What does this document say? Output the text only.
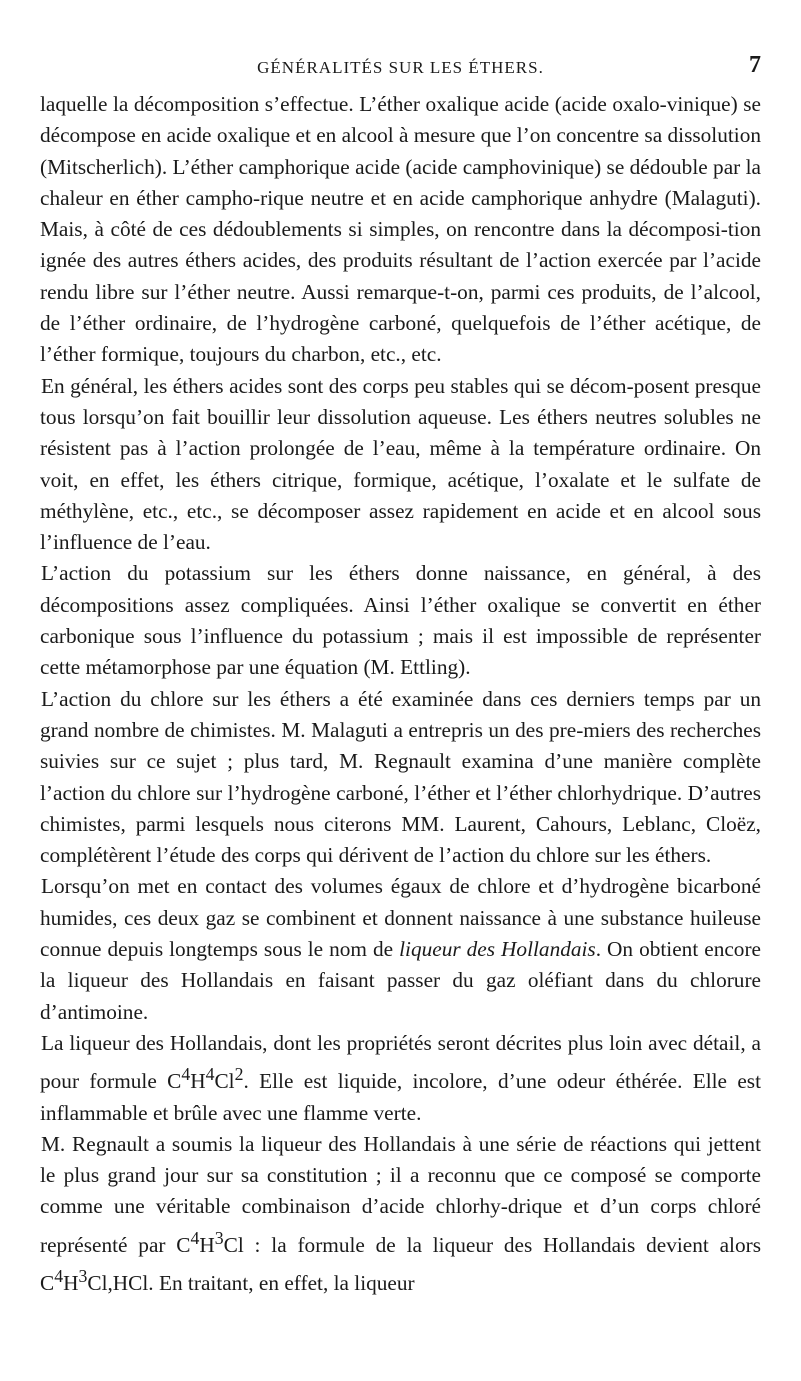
GÉNÉRALITÉS SUR LES ÉTHERS.	7

laquelle la décomposition s’effectue. L’éther oxalique acide (acide oxalo-vinique) se décompose en acide oxalique et en alcool à mesure que l’on concentre sa dissolution (Mitscherlich). L’éther camphorique acide (acide camphovinique) se dédouble par la chaleur en éther campho-rique neutre et en acide camphorique anhydre (Malaguti). Mais, à côté de ces dédoublements si simples, on rencontre dans la décomposi-tion ignée des autres éthers acides, des produits résultant de l’action exercée par l’acide rendu libre sur l’éther neutre. Aussi remarque-t-on, parmi ces produits, de l’alcool, de l’éther ordinaire, de l’hydrogène carboné, quelquefois de l’éther acétique, de l’éther formique, toujours du charbon, etc., etc.

En général, les éthers acides sont des corps peu stables qui se décom-posent presque tous lorsqu’on fait bouillir leur dissolution aqueuse. Les éthers neutres solubles ne résistent pas à l’action prolongée de l’eau, même à la température ordinaire. On voit, en effet, les éthers citrique, formique, acétique, l’oxalate et le sulfate de méthylène, etc., etc., se décomposer assez rapidement en acide et en alcool sous l’influence de l’eau.

L’action du potassium sur les éthers donne naissance, en général, à des décompositions assez compliquées. Ainsi l’éther oxalique se convertit en éther carbonique sous l’influence du potassium ; mais il est impossible de représenter cette métamorphose par une équation (M. Ettling).

L’action du chlore sur les éthers a été examinée dans ces derniers temps par un grand nombre de chimistes. M. Malaguti a entrepris un des pre-miers des recherches suivies sur ce sujet ; plus tard, M. Regnault examina d’une manière complète l’action du chlore sur l’hydrogène carboné, l’éther et l’éther chlorhydrique. D’autres chimistes, parmi lesquels nous citerons MM. Laurent, Cahours, Leblanc, Cloëz, complétèrent l’étude des corps qui dérivent de l’action du chlore sur les éthers.

Lorsqu’on met en contact des volumes égaux de chlore et d’hydrogène bicarboné humides, ces deux gaz se combinent et donnent naissance à une substance huileuse connue depuis longtemps sous le nom de liqueur des Hollandais. On obtient encore la liqueur des Hollandais en faisant passer du gaz oléfiant dans du chlorure d’antimoine.

La liqueur des Hollandais, dont les propriétés seront décrites plus loin avec détail, a pour formule $C^4H^4Cl^2$. Elle est liquide, incolore, d’une odeur éthérée. Elle est inflammable et brûle avec une flamme verte.

M. Regnault a soumis la liqueur des Hollandais à une série de réactions qui jettent le plus grand jour sur sa constitution ; il a reconnu que ce composé se comporte comme une véritable combinaison d’acide chlorhy-drique et d’un corps chloré représenté par $C^4H^3Cl$ : la formule de la liqueur des Hollandais devient alors $C^4H^3Cl,HCl$. En traitant, en effet, la liqueur
